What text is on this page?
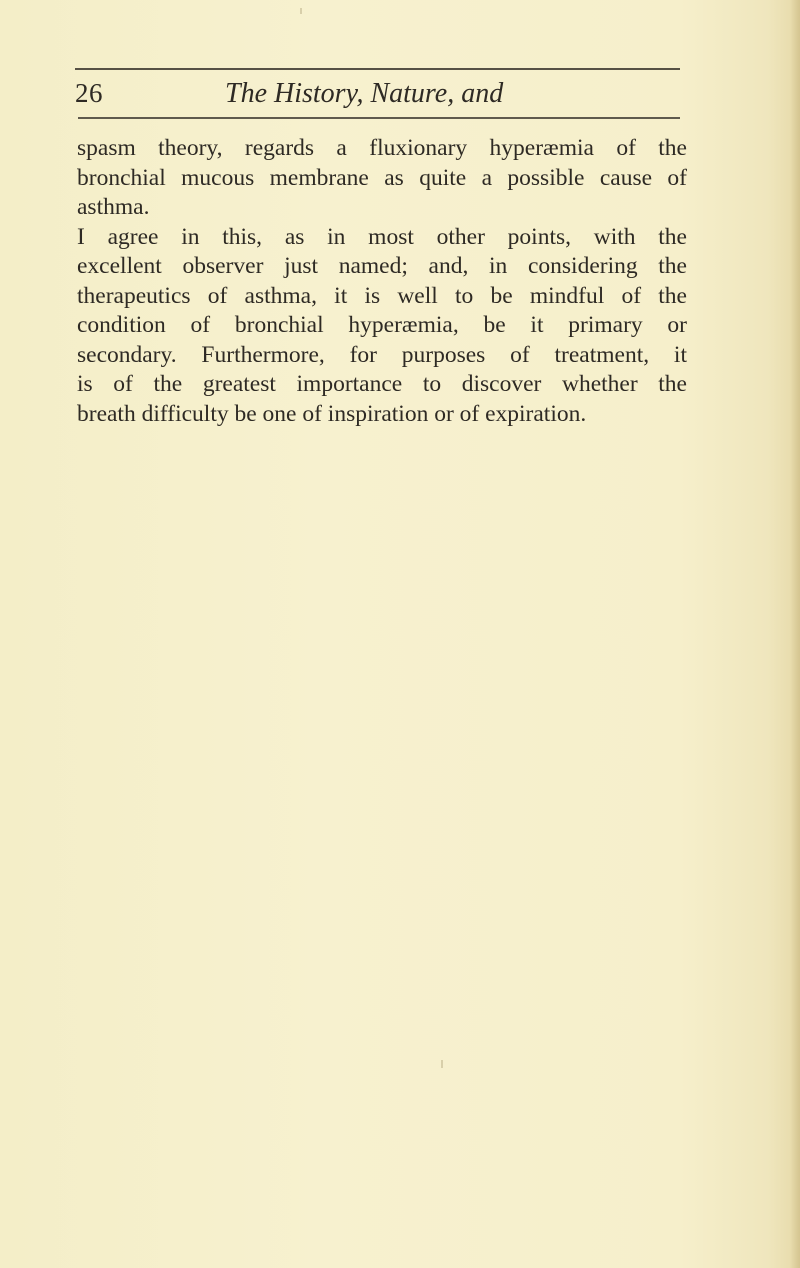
26	The History, Nature, and
spasm theory, regards a fluxionary hyperæmia of the
bronchial mucous membrane as quite a possible cause of
asthma.
I agree in this, as in most other points, with the
excellent observer just named; and, in considering the
therapeutics of asthma, it is well to be mindful of the
condition of bronchial hyperæmia, be it primary or
secondary. Furthermore, for purposes of treatment, it
is of the greatest importance to discover whether the
breath difficulty be one of inspiration or of expiration.
